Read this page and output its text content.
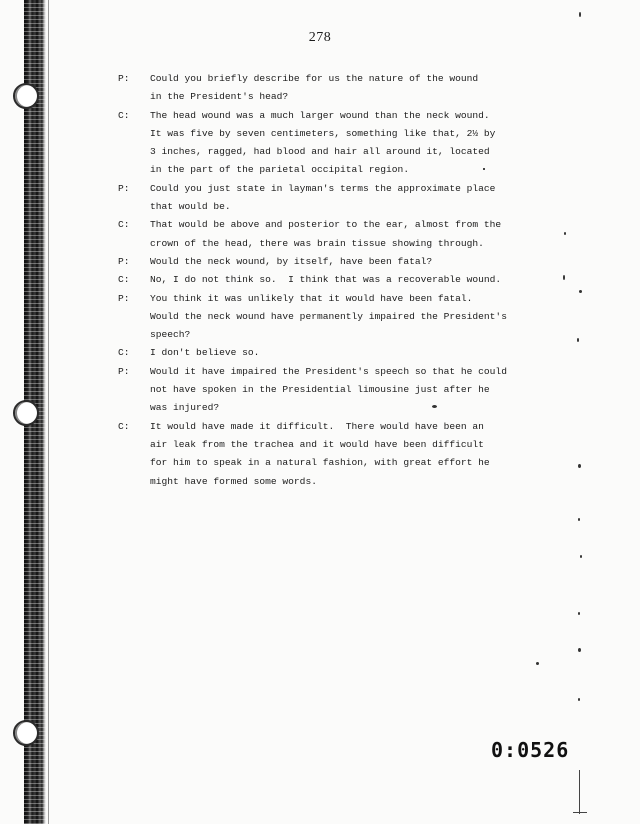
278
P: Could you briefly describe for us the nature of the wound
in the President's head?
C: The head wound was a much larger wound than the neck wound.
It was five by seven centimeters, something like that, 2½ by
3 inches, ragged, had blood and hair all around it, located
in the part of the parietal occipital region.
P: Could you just state in layman's terms the approximate place
that would be.
C: That would be above and posterior to the ear, almost from the
crown of the head, there was brain tissue showing through.
P: Would the neck wound, by itself, have been fatal?
C: No, I do not think so.  I think that was a recoverable wound.
P: You think it was unlikely that it would have been fatal.
Would the neck wound have permanently impaired the President's
speech?
C: I don't believe so.
P: Would it have impaired the President's speech so that he could
not have spoken in the Presidential limousine just after he
was injured?
C: It would have made it difficult.  There would have been an
air leak from the trachea and it would have been difficult
for him to speak in a natural fashion, with great effort he
might have formed some words.
0:0526
